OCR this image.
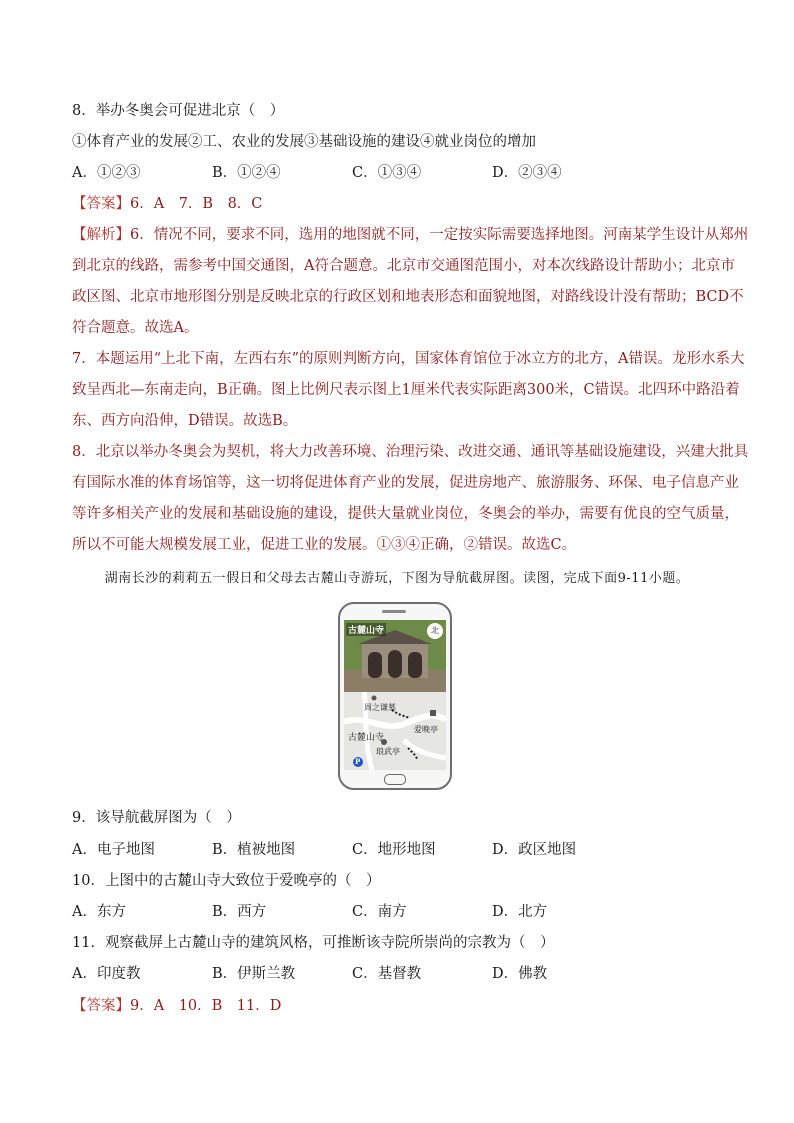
8．举办冬奥会可促进北京（　）
①体育产业的发展②工、农业的发展③基础设施的建设④就业岗位的增加
A．①②③	B．①②④	C．①③④	D．②③④
【答案】6．A　7．B　8．C
【解析】6．情况不同，要求不同，选用的地图就不同，一定按实际需要选择地图。河南某学生设计从郑州
到北京的线路，需参考中国交通图，A符合题意。北京市交通图范围小，对本次线路设计帮助小；北京市
政区图、北京市地形图分别是反映北京的行政区划和地表形态和面貌地图，对路线设计没有帮助；BCD不
符合题意。故选A。
7．本题运用“上北下南，左西右东”的原则判断方向，国家体育馆位于冰立方的北方，A错误。龙形水系大
致呈西北—东南走向，B正确。图上比例尺表示图上1厘米代表实际距离300米，C错误。北四环中路沿着
东、西方向沿伸，D错误。故选B。
8．北京以举办冬奥会为契机，将大力改善环境、治理污染、改进交通、通讯等基础设施建设，兴建大批具
有国际水准的体育场馆等，这一切将促进体育产业的发展，促进房地产、旅游服务、环保、电子信息产业
等许多相关产业的发展和基础设施的建设，提供大量就业岗位，冬奥会的举办，需要有优良的空气质量，
所以不可能大规模发展工业，促进工业的发展。①③④正确，②错误。故选C。
湖南长沙的莉莉五一假日和父母去古麓山寺游玩，下图为导航截屏图。读图，完成下面9-11小题。
古麓山寺	北
周之谦墓
古麓山寺
爱晚亭
琅武亭
P
9．该导航截屏图为（　）
A．电子地图	B．植被地图	C．地形地图	D．政区地图
10．上图中的古麓山寺大致位于爱晚亭的（　）
A．东方	B．西方	C．南方	D．北方
11．观察截屏上古麓山寺的建筑风格，可推断该寺院所崇尚的宗教为（　）
A．印度教	B．伊斯兰教	C．基督教	D．佛教
【答案】9．A　10．B　11．D
